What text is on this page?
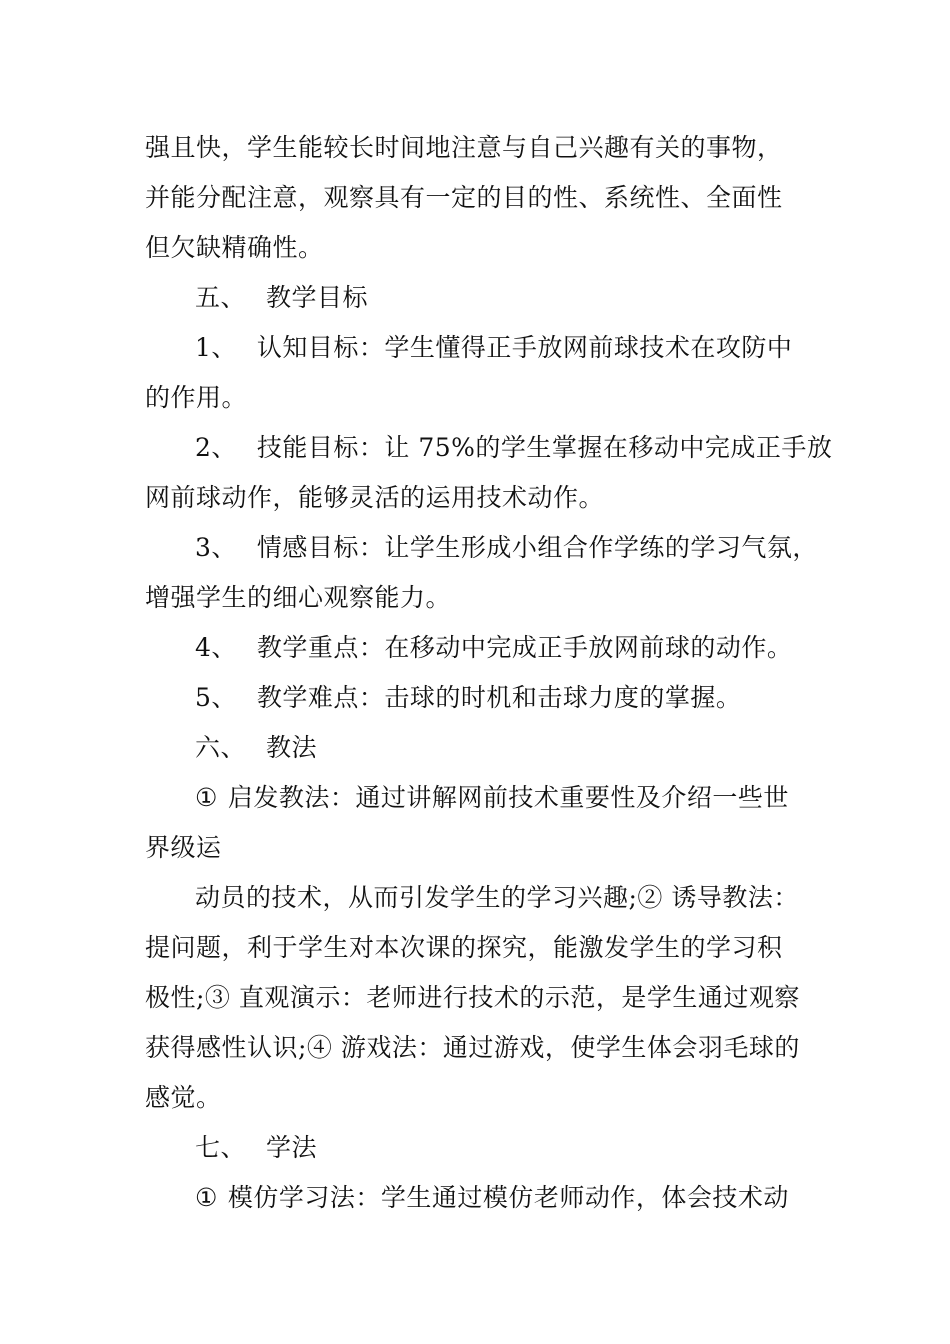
强且快，学生能较长时间地注意与自己兴趣有关的事物，
并能分配注意，观察具有一定的目的性、系统性、全面性
但欠缺精确性。
五、 教学目标
1、 认知目标：学生懂得正手放网前球技术在攻防中
的作用。
2、 技能目标：让 75%的学生掌握在移动中完成正手放
网前球动作，能够灵活的运用技术动作。
3、 情感目标：让学生形成小组合作学练的学习气氛，
增强学生的细心观察能力。
4、 教学重点：在移动中完成正手放网前球的动作。
5、 教学难点：击球的时机和击球力度的掌握。
六、 教法
① 启发教法：通过讲解网前技术重要性及介绍一些世
界级运
动员的技术，从而引发学生的学习兴趣;② 诱导教法：
提问题，利于学生对本次课的探究，能激发学生的学习积
极性;③ 直观演示：老师进行技术的示范，是学生通过观察
获得感性认识;④ 游戏法：通过游戏，使学生体会羽毛球的
感觉。
七、 学法
① 模仿学习法：学生通过模仿老师动作，体会技术动
